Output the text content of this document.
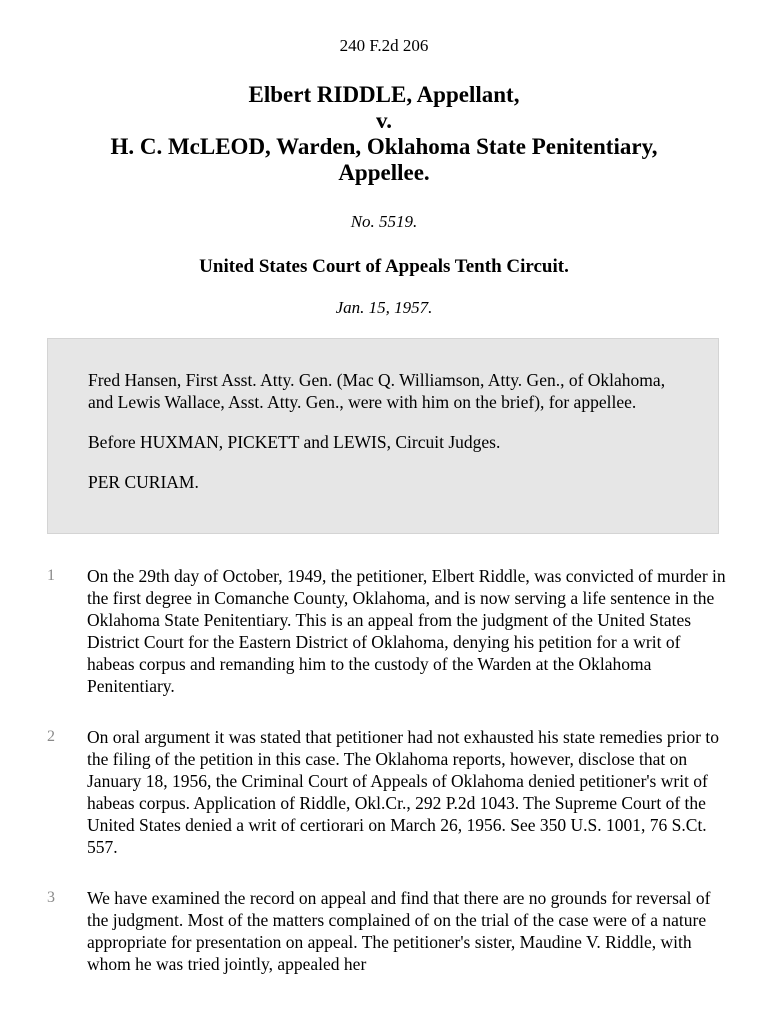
240 F.2d 206
Elbert RIDDLE, Appellant,
v.
H. C. McLEOD, Warden, Oklahoma State Penitentiary,
Appellee.
No. 5519.
United States Court of Appeals Tenth Circuit.
Jan. 15, 1957.

Fred Hansen, First Asst. Atty. Gen. (Mac Q. Williamson, Atty. Gen., of Oklahoma, and Lewis Wallace, Asst. Atty. Gen., were with him on the brief), for appellee.

Before HUXMAN, PICKETT and LEWIS, Circuit Judges.

PER CURIAM.

1	On the 29th day of October, 1949, the petitioner, Elbert Riddle, was convicted of murder in the first degree in Comanche County, Oklahoma, and is now serving a life sentence in the Oklahoma State Penitentiary. This is an appeal from the judgment of the United States District Court for the Eastern District of Oklahoma, denying his petition for a writ of habeas corpus and remanding him to the custody of the Warden at the Oklahoma Penitentiary.
2	On oral argument it was stated that petitioner had not exhausted his state remedies prior to the filing of the petition in this case. The Oklahoma reports, however, disclose that on January 18, 1956, the Criminal Court of Appeals of Oklahoma denied petitioner's writ of habeas corpus. Application of Riddle, Okl.Cr., 292 P.2d 1043. The Supreme Court of the United States denied a writ of certiorari on March 26, 1956. See 350 U.S. 1001, 76 S.Ct. 557.
3	We have examined the record on appeal and find that there are no grounds for reversal of the judgment. Most of the matters complained of on the trial of the case were of a nature appropriate for presentation on appeal. The petitioner's sister, Maudine V. Riddle, with whom he was tried jointly, appealed her
